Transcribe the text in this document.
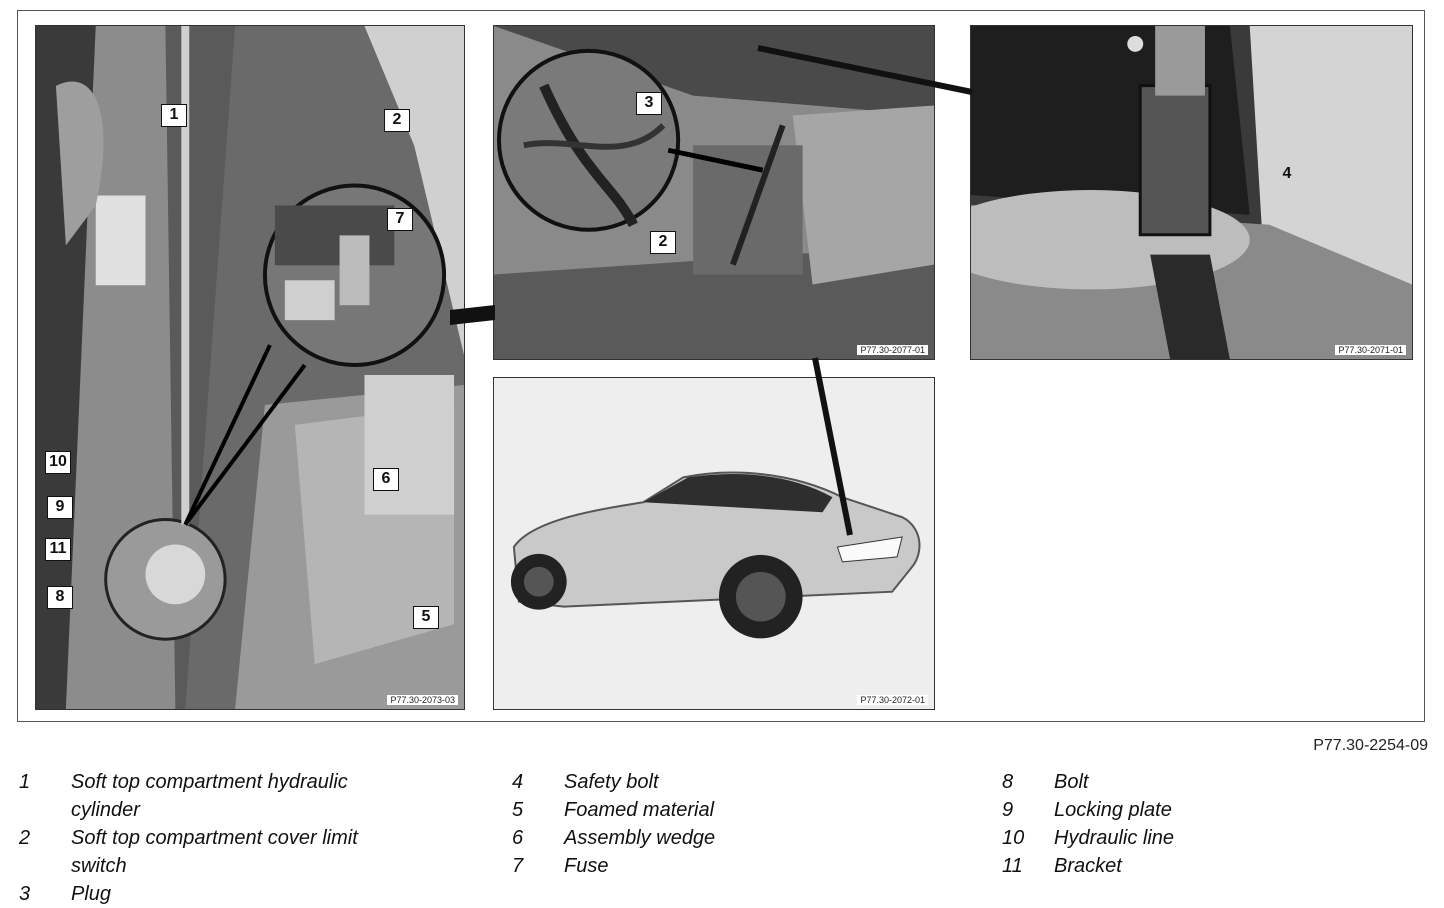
P77.30-2073-03
1	2
7
6
5
10
9
11
8
P77.30-2077-01
3
2
P77.30-2071-01
4
P77.30-2072-01
P77.30-2254-09
1	Soft top compartment hydraulic cylinder
2	Soft top compartment cover limit switch
3	Plug
4	Safety bolt
5	Foamed material
6	Assembly wedge
7	Fuse
8	Bolt
9	Locking plate
10	Hydraulic line
11	Bracket
